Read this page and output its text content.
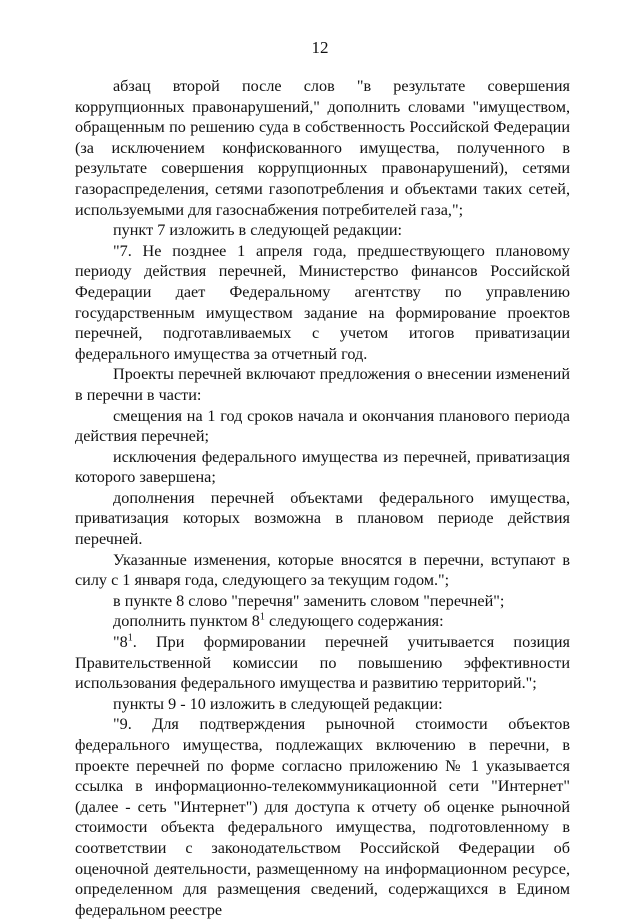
12

абзац второй после слов "в результате совершения коррупционных правонарушений," дополнить словами "имуществом, обращенным по решению суда в собственность Российской Федерации (за исключением конфискованного имущества, полученного в результате совершения коррупционных правонарушений), сетями газораспределения, сетями газопотребления и объектами таких сетей, используемыми для газоснабжения потребителей газа,";

пункт 7 изложить в следующей редакции:

"7. Не позднее 1 апреля года, предшествующего плановому периоду действия перечней, Министерство финансов Российской Федерации дает Федеральному агентству по управлению государственным имуществом задание на формирование проектов перечней, подготавливаемых с учетом итогов приватизации федерального имущества за отчетный год.

Проекты перечней включают предложения о внесении изменений в перечни в части:

смещения на 1 год сроков начала и окончания планового периода действия перечней;

исключения федерального имущества из перечней, приватизация которого завершена;

дополнения перечней объектами федерального имущества, приватизация которых возможна в плановом периоде действия перечней.

Указанные изменения, которые вносятся в перечни, вступают в силу с 1 января года, следующего за текущим годом.";

в пункте 8 слово "перечня" заменить словом "перечней";

дополнить пунктом $8^1$ следующего содержания:

"$8^1$. При формировании перечней учитывается позиция Правительственной комиссии по повышению эффективности использования федерального имущества и развитию территорий.";

пункты 9 - 10 изложить в следующей редакции:

"9. Для подтверждения рыночной стоимости объектов федерального имущества, подлежащих включению в перечни, в проекте перечней по форме согласно приложению № 1 указывается ссылка в информационно-телекоммуникационной сети "Интернет" (далее - сеть "Интернет") для доступа к отчету об оценке рыночной стоимости объекта федерального имущества, подготовленному в соответствии с законодательством Российской Федерации об оценочной деятельности, размещенному на информационном ресурсе, определенном для размещения сведений, содержащихся в Едином федеральном реестре
